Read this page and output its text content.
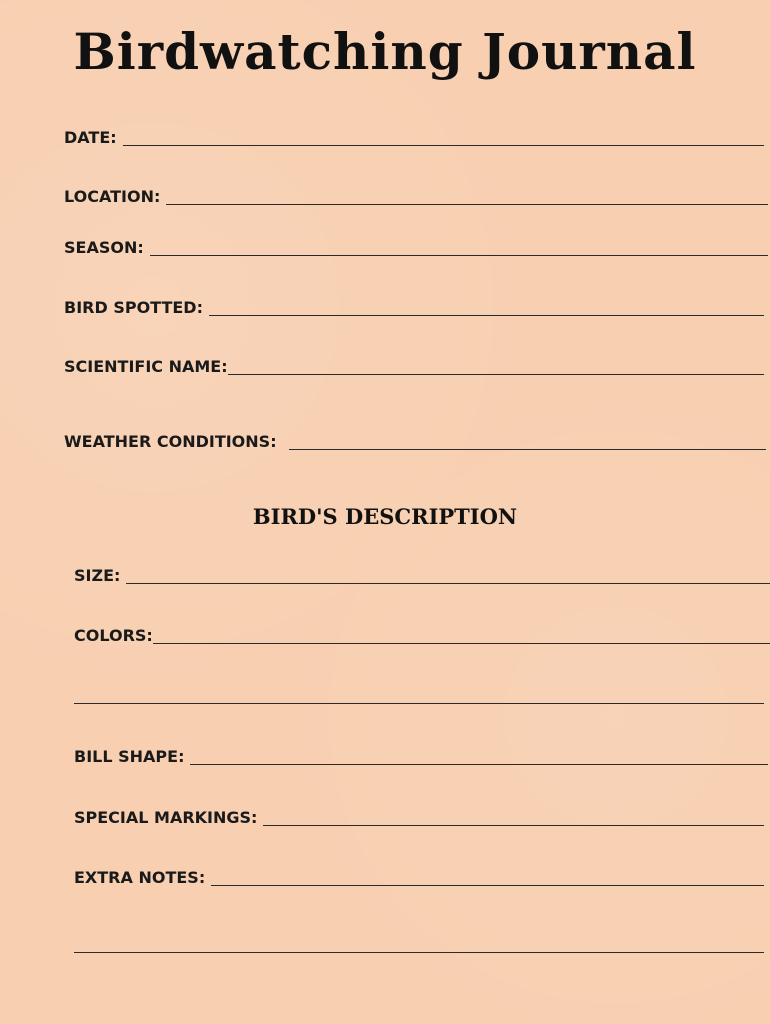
Birdwatching Journal
DATE:
LOCATION:
SEASON:
BIRD SPOTTED:
SCIENTIFIC NAME:
WEATHER CONDITIONS:
BIRD'S DESCRIPTION
SIZE:
COLORS:
BILL SHAPE:
SPECIAL MARKINGS:
EXTRA NOTES:
